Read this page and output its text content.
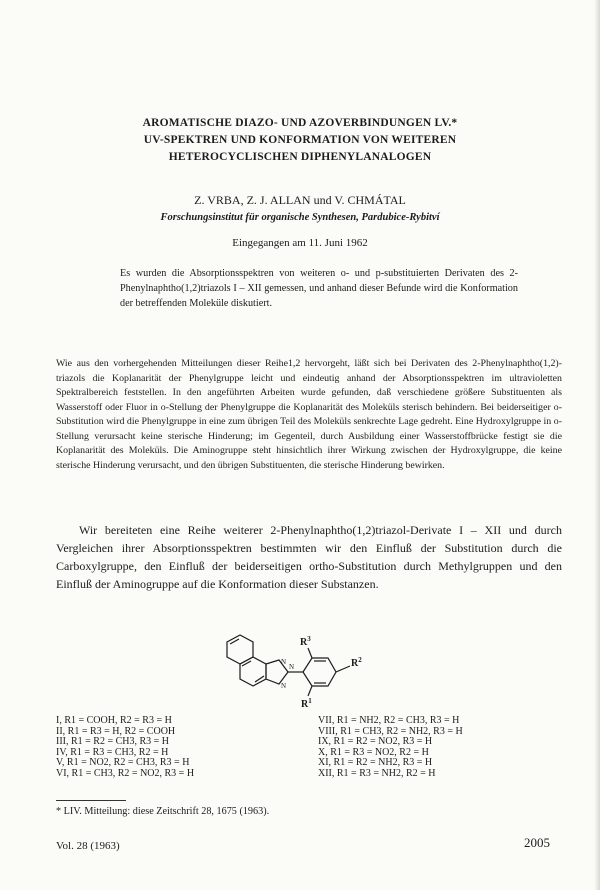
AROMATISCHE DIAZO- UND AZOVERBINDUNGEN LV.*
UV-SPEKTREN UND KONFORMATION VON WEITEREN
HETEROCYCLISCHEN DIPHENYLANALOGEN
Z. VRBA, Z. J. ALLAN und V. CHMÁTAL
Forschungsinstitut für organische Synthesen, Pardubice-Rybitví
Eingegangen am 11. Juni 1962
Es wurden die Absorptionsspektren von weiteren o- und p-substituierten Derivaten des 2-Phenylnaphtho(1,2)triazols I – XII gemessen, und anhand dieser Befunde wird die Konformation der betreffenden Moleküle diskutiert.
Wie aus den vorhergehenden Mitteilungen dieser Reihe1,2 hervorgeht, läßt sich bei Derivaten des 2-Phenylnaphtho(1,2)-triazols die Koplanarität der Phenylgruppe leicht und eindeutig anhand der Absorptionsspektren im ultravioletten Spektralbereich feststellen. In den angeführten Arbeiten wurde gefunden, daß verschiedene größere Substituenten als Wasserstoff oder Fluor in o-Stellung der Phenylgruppe die Koplanarität des Moleküls sterisch behindern. Bei beiderseitiger o-Substitution wird die Phenylgruppe in eine zum übrigen Teil des Moleküls senkrechte Lage gedreht. Eine Hydroxylgruppe in o-Stellung verursacht keine sterische Hinderung; im Gegenteil, durch Ausbildung einer Wasserstoffbrücke festigt sie die Koplanarität des Moleküls. Die Aminogruppe steht hinsichtlich ihrer Wirkung zwischen der Hydroxylgruppe, die keine sterische Hinderung verursacht, und den übrigen Substituenten, die sterische Hinderung bewirken.
Wir bereiteten eine Reihe weiterer 2-Phenylnaphtho(1,2)triazol-Derivate I – XII und durch Vergleichen ihrer Absorptionsspektren bestimmten wir den Einfluß der Substitution durch die Carboxylgruppe, den Einfluß der beiderseitigen ortho-Substitution durch Methylgruppen und den Einfluß der Aminogruppe auf die Konformation dieser Substanzen.
N
N
N
$R^3$
$R^2$
$R^1$
I, R1 = COOH, R2 = R3 = H
II, R1 = R3 = H, R2 = COOH
III, R1 = R2 = CH3, R3 = H
IV, R1 = R3 = CH3, R2 = H
V, R1 = NO2, R2 = CH3, R3 = H
VI, R1 = CH3, R2 = NO2, R3 = H
VII, R1 = NH2, R2 = CH3, R3 = H
VIII, R1 = CH3, R2 = NH2, R3 = H
IX, R1 = R2 = NO2, R3 = H
X, R1 = R3 = NO2, R2 = H
XI, R1 = R2 = NH2, R3 = H
XII, R1 = R3 = NH2, R2 = H
* LIV. Mitteilung: diese Zeitschrift 28, 1675 (1963).
Vol. 28 (1963)	2005
